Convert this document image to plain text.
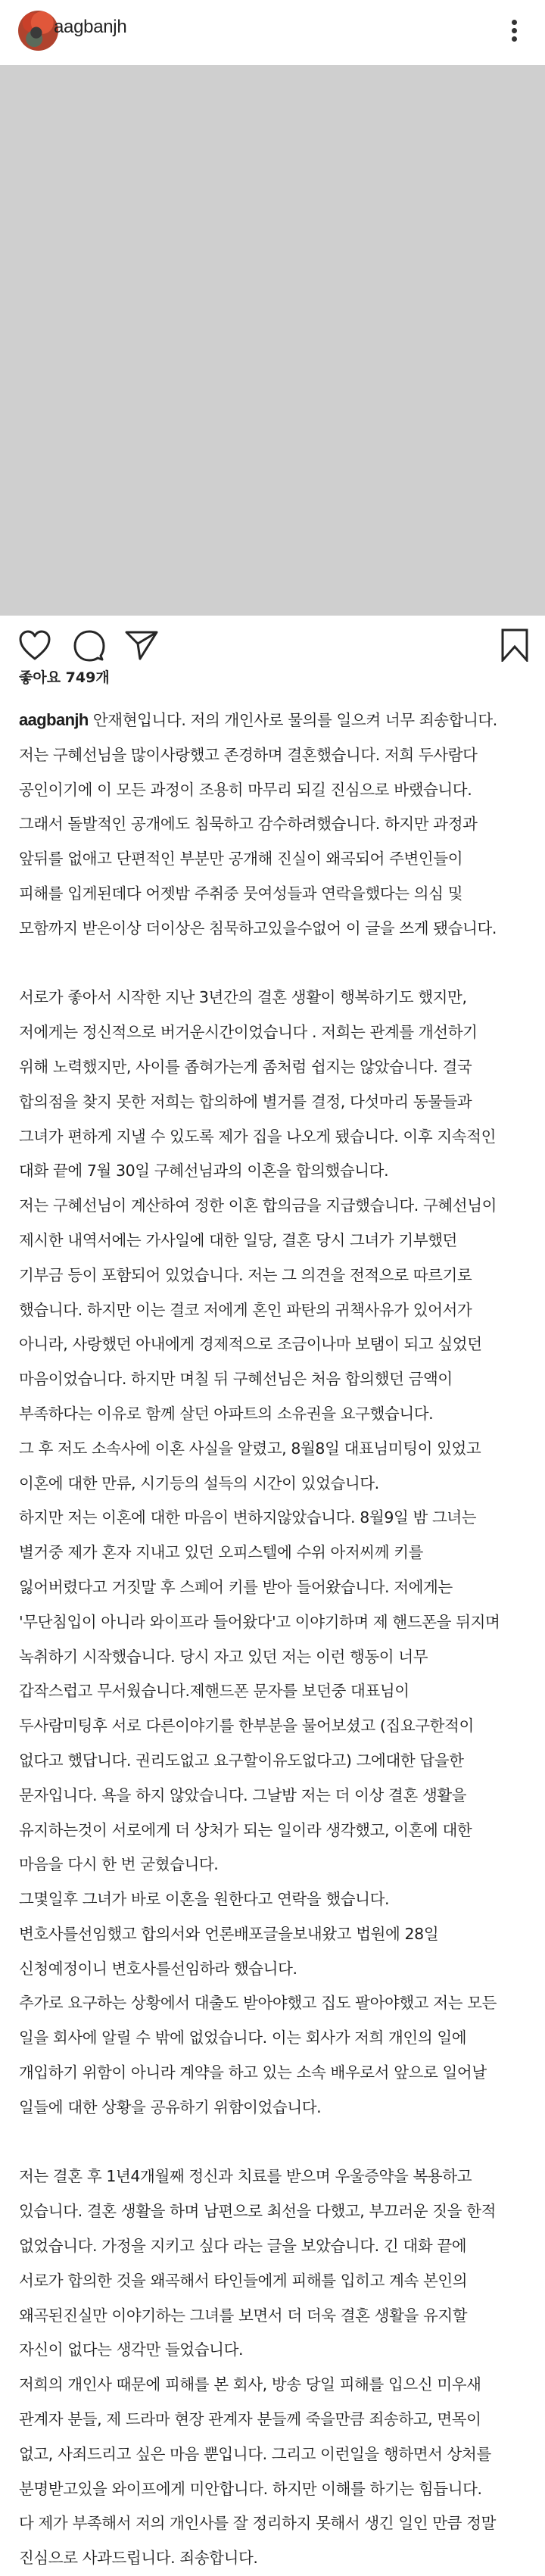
aagbanjh
좋아요 749개

aagbanjh 안재현입니다. 저의 개인사로 물의를 일으켜 너무 죄송합니다.

저는 구혜선님을 많이사랑했고 존경하며 결혼했습니다. 저희 두사람다

공인이기에 이 모든 과정이 조용히 마무리 되길 진심으로 바랬습니다.

그래서 돌발적인 공개에도 침묵하고 감수하려했습니다. 하지만 과정과

앞뒤를 없애고 단편적인 부분만 공개해 진실이 왜곡되어 주변인들이

피해를 입게된데다 어젯밤 주취중 뭇여성들과 연락을했다는 의심 및

모함까지 받은이상 더이상은 침묵하고있을수없어 이 글을 쓰게 됐습니다.

서로가 좋아서 시작한 지난 3년간의 결혼 생활이 행복하기도 했지만,

저에게는 정신적으로 버거운시간이었습니다 . 저희는 관계를 개선하기

위해 노력했지만, 사이를 좁혀가는게 좀처럼 쉽지는 않았습니다. 결국

합의점을 찾지 못한 저희는 합의하에 별거를 결정, 다섯마리 동물들과

그녀가 편하게 지낼 수 있도록 제가 집을 나오게 됐습니다. 이후 지속적인

대화 끝에 7월 30일 구혜선님과의 이혼을 합의했습니다.

저는 구혜선님이 계산하여 정한 이혼 합의금을 지급했습니다. 구혜선님이

제시한 내역서에는 가사일에 대한 일당, 결혼 당시 그녀가 기부했던

기부금 등이 포함되어 있었습니다. 저는 그 의견을 전적으로 따르기로

했습니다. 하지만 이는 결코 저에게 혼인 파탄의 귀책사유가 있어서가

아니라, 사랑했던 아내에게 경제적으로 조금이나마 보탬이 되고 싶었던

마음이었습니다. 하지만 며칠 뒤 구혜선님은 처음 합의했던 금액이

부족하다는 이유로 함께 살던 아파트의 소유권을 요구했습니다.

그 후 저도 소속사에 이혼 사실을 알렸고, 8월8일 대표님미팅이 있었고

이혼에 대한 만류, 시기등의 설득의 시간이 있었습니다.

하지만 저는 이혼에 대한 마음이 변하지않았습니다. 8월9일 밤 그녀는

별거중 제가 혼자 지내고 있던 오피스텔에 수위 아저씨께 키를

잃어버렸다고 거짓말 후 스페어 키를 받아 들어왔습니다. 저에게는

'무단침입이 아니라 와이프라 들어왔다'고 이야기하며 제 핸드폰을 뒤지며

녹취하기 시작했습니다. 당시 자고 있던 저는 이런 행동이 너무

갑작스럽고 무서웠습니다.제핸드폰 문자를 보던중 대표님이

두사람미팅후 서로 다른이야기를 한부분을 물어보셨고 (집요구한적이

없다고 했답니다. 권리도없고 요구할이유도없다고) 그에대한 답을한

문자입니다. 욕을 하지 않았습니다. 그날밤 저는 더 이상 결혼 생활을

유지하는것이 서로에게 더 상처가 되는 일이라 생각했고, 이혼에 대한

마음을 다시 한 번 굳혔습니다.

그몇일후 그녀가 바로 이혼을 원한다고 연락을 했습니다.

변호사를선임했고 합의서와 언론배포글을보내왔고 법원에 28일

신청예정이니 변호사를선임하라 했습니다.

추가로 요구하는 상황에서 대출도 받아야했고 집도 팔아야했고 저는 모든

일을 회사에 알릴 수 밖에 없었습니다. 이는 회사가 저희 개인의 일에

개입하기 위함이 아니라 계약을 하고 있는 소속 배우로서 앞으로 일어날

일들에 대한 상황을 공유하기 위함이었습니다.

저는 결혼 후 1년4개월째 정신과 치료를 받으며 우울증약을 복용하고

있습니다. 결혼 생활을 하며 남편으로 최선을 다했고, 부끄러운 짓을 한적

없었습니다. 가정을 지키고 싶다 라는 글을 보았습니다. 긴 대화 끝에

서로가 합의한 것을 왜곡해서 타인들에게 피해를 입히고 계속 본인의

왜곡된진실만 이야기하는 그녀를 보면서 더 더욱 결혼 생활을 유지할

자신이 없다는 생각만 들었습니다.

저희의 개인사 때문에 피해를 본 회사, 방송 당일 피해를 입으신 미우새

관계자 분들, 제 드라마 현장 관계자 분들께 죽을만큼 죄송하고, 면목이

없고, 사죄드리고 싶은 마음 뿐입니다. 그리고 이런일을 행하면서 상처를

분명받고있을 와이프에게 미안합니다. 하지만 이해를 하기는 힘듭니다.

다 제가 부족해서 저의 개인사를 잘 정리하지 못해서 생긴 일인 만큼 정말

진심으로 사과드립니다. 죄송합니다.
